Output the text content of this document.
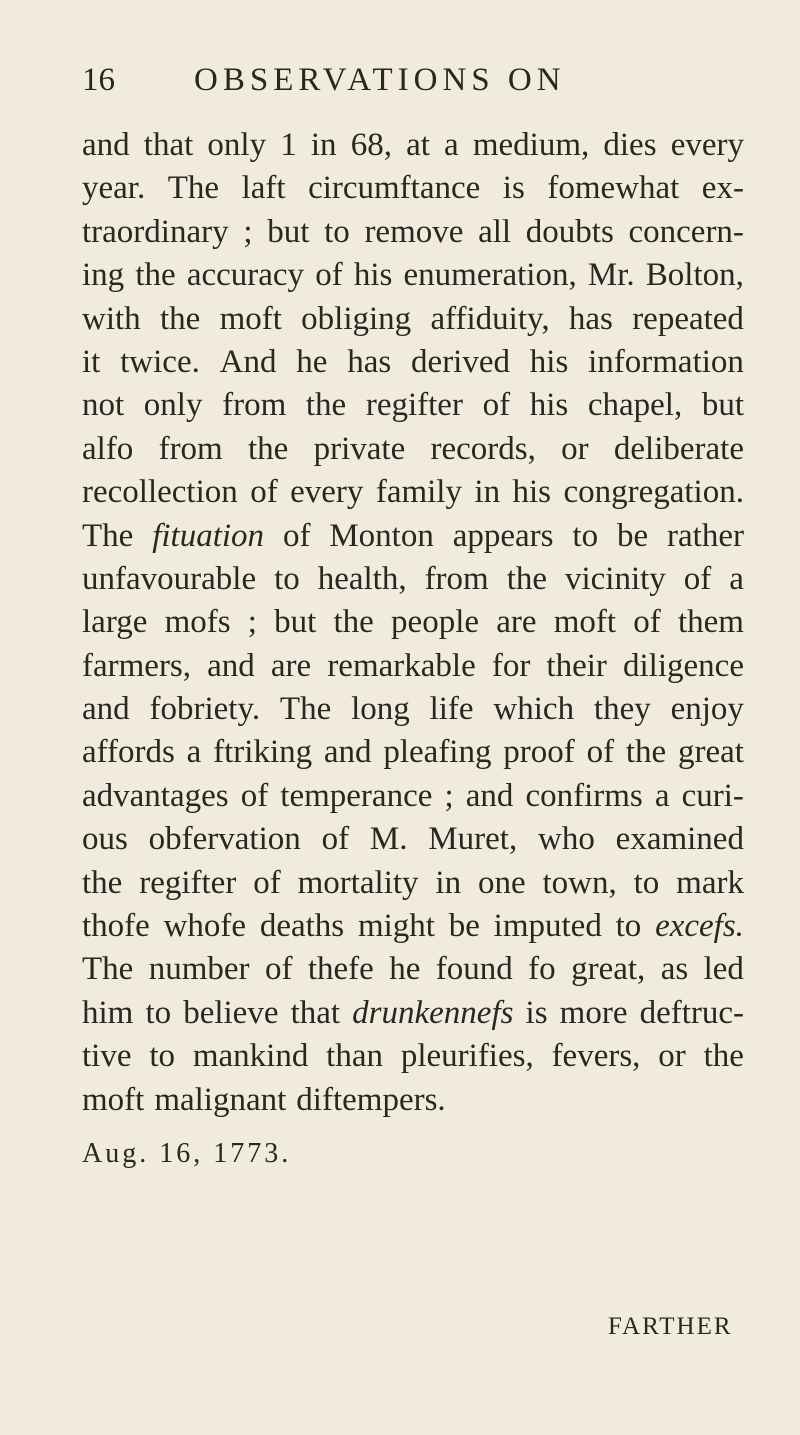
16 OBSERVATIONS ON
and that only 1 in 68, at a medium, dies every
year. The laft circumftance is fomewhat ex-
traordinary ; but to remove all doubts concern-
ing the accuracy of his enumeration, Mr. Bolton,
with the moft obliging affiduity, has repeated
it twice. And he has derived his information
not only from the regifter of his chapel, but
alfo from the private records, or deliberate
recollection of every family in his congregation.
The fituation of Monton appears to be rather
unfavourable to health, from the vicinity of a
large mofs ; but the people are moft of them
farmers, and are remarkable for their diligence
and fobriety. The long life which they enjoy
affords a ftriking and pleafing proof of the great
advantages of temperance ; and confirms a curi-
ous obfervation of M. Muret, who examined
the regifter of mortality in one town, to mark
thofe whofe deaths might be imputed to excefs.
The number of thefe he found fo great, as led
him to believe that drunkennefs is more deftruc-
tive to mankind than pleurifies, fevers, or the
moft malignant diftempers.
Aug. 16, 1773.
FARTHER
